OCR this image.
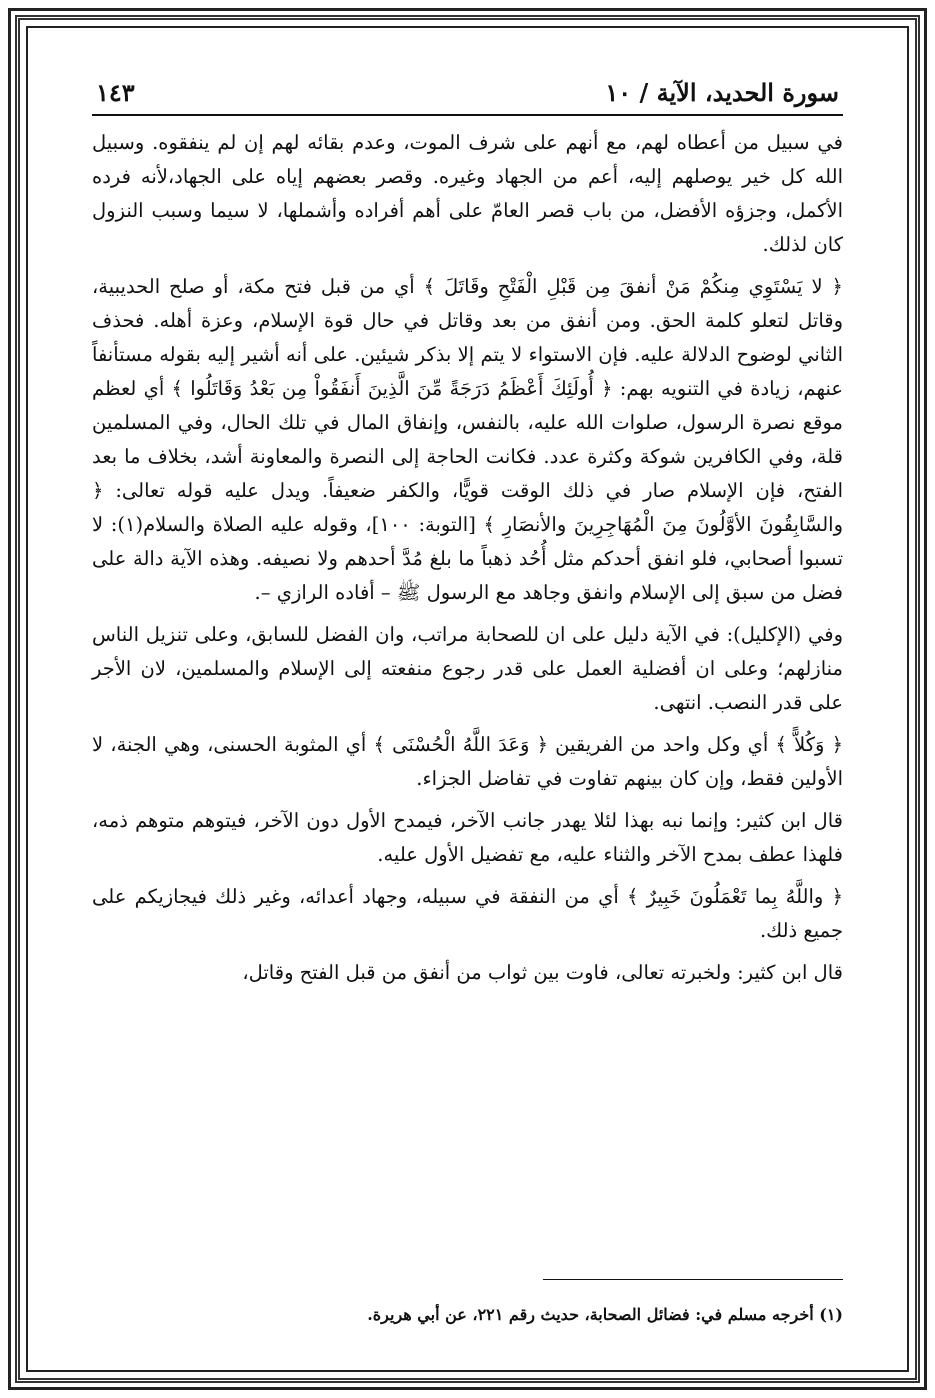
سورة الحديد، الآية / ١٠
١٤٣

في سبيل من أعطاه لهم، مع أنهم على شرف الموت، وعدم بقائه لهم إن لم ينفقوه. وسبيل الله كل خير يوصلهم إليه، أعم من الجهاد وغيره. وقصر بعضهم إياه على الجهاد،لأنه فرده الأكمل، وجزؤه الأفضل، من باب قصر العامّ على أهم أفراده وأشملها، لا سيما وسبب النزول كان لذلك.

﴿ لا يَسْتَوِي مِنكُمْ مَنْ أنفقَ مِن قَبْلِ الْفَتْحِ وقَاتَلَ ﴾ أي من قبل فتح مكة، أو صلح الحديبية، وقاتل لتعلو كلمة الحق. ومن أنفق من بعد وقاتل في حال قوة الإسلام، وعزة أهله. فحذف الثاني لوضوح الدلالة عليه. فإن الاستواء لا يتم إلا بذكر شيئين. على أنه أشير إليه بقوله مستأنفاً عنهم، زيادة في التنويه بهم: ﴿ أُولَئِكَ أَعْظَمُ دَرَجَةً مِّنَ الَّذِينَ أَنفَقُواْ مِن بَعْدُ وَقَاتَلُوا ﴾ أي لعظم موقع نصرة الرسول، صلوات الله عليه، بالنفس، وإنفاق المال في تلك الحال، وفي المسلمين قلة، وفي الكافرين شوكة وكثرة عدد. فكانت الحاجة إلى النصرة والمعاونة أشد، بخلاف ما بعد الفتح، فإن الإسلام صار في ذلك الوقت قويًّا، والكفر ضعيفاً. ويدل عليه قوله تعالى: ﴿ والسَّابِقُونَ الأوَّلُونَ مِنَ الْمُهَاجِرِينَ والأنصَارِ ﴾ [التوبة: ١٠٠]، وقوله عليه الصلاة والسلام(١): لا تسبوا أصحابي، فلو انفق أحدكم مثل أُحُد ذهباً ما بلغ مُدَّ أحدهم ولا نصيفه. وهذه الآية دالة على فضل من سبق إلى الإسلام وانفق وجاهد مع الرسول ﷺ – أفاده الرازي –.

وفي (الإكليل): في الآية دليل على ان للصحابة مراتب، وان الفضل للسابق، وعلى تنزيل الناس منازلهم؛ وعلى ان أفضلية العمل على قدر رجوع منفعته إلى الإسلام والمسلمين، لان الأجر على قدر النصب. انتهى.

﴿ وَكُلاًّ ﴾ أي وكل واحد من الفريقين ﴿ وَعَدَ اللَّهُ الْحُسْنَى ﴾ أي المثوبة الحسنى، وهي الجنة، لا الأولين فقط، وإن كان بينهم تفاوت في تفاضل الجزاء.

قال ابن كثير: وإنما نبه بهذا لئلا يهدر جانب الآخر، فيمدح الأول دون الآخر، فيتوهم متوهم ذمه، فلهذا عطف بمدح الآخر والثناء عليه، مع تفضيل الأول عليه.

﴿ واللَّهُ بِما تَعْمَلُونَ خَبِيرٌ ﴾ أي من النفقة في سبيله، وجهاد أعدائه، وغير ذلك فيجازيكم على جميع ذلك.

قال ابن كثير: ولخبرته تعالى، فاوت بين ثواب من أنفق من قبل الفتح وقاتل،

(١) أخرجه مسلم في: فضائل الصحابة، حديث رقم ٢٢١، عن أبي هريرة.
